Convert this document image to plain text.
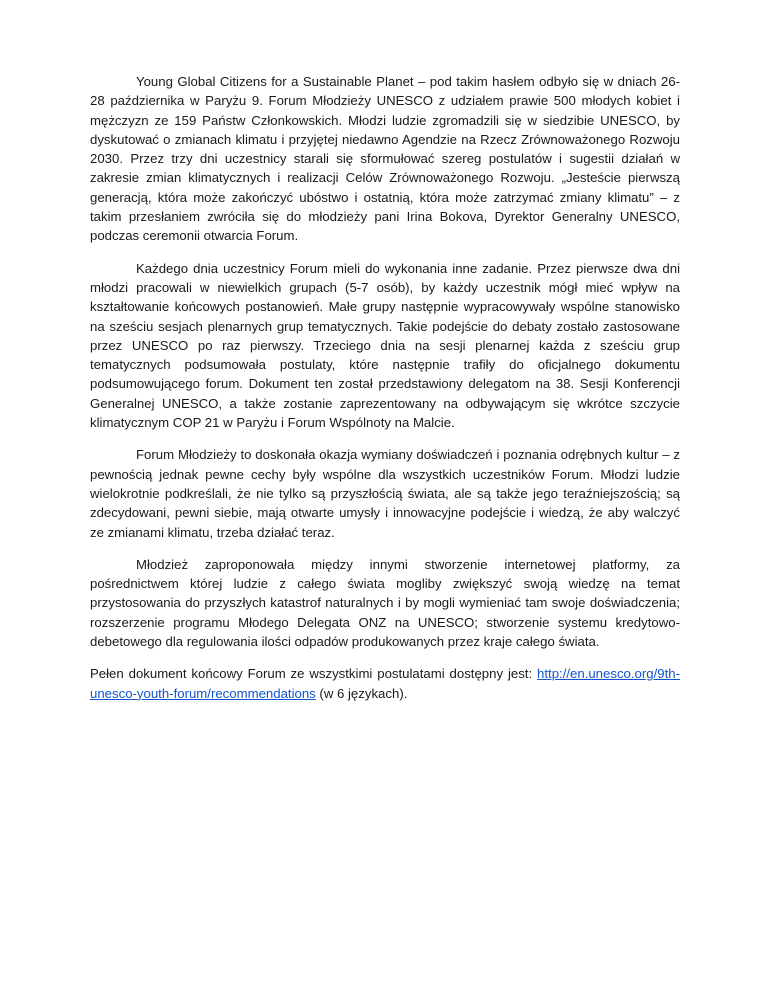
Young Global Citizens for a Sustainable Planet – pod takim hasłem odbyło się w dniach 26-28 października w Paryżu 9. Forum Młodzieży UNESCO z udziałem prawie 500 młodych kobiet i mężczyzn ze 159 Państw Członkowskich. Młodzi ludzie zgromadzili się w siedzibie UNESCO, by dyskutować o zmianach klimatu i przyjętej niedawno Agendzie na Rzecz Zrównoważonego Rozwoju 2030. Przez trzy dni uczestnicy starali się sformułować szereg postulatów i sugestii działań w zakresie zmian klimatycznych i realizacji Celów Zrównoważonego Rozwoju. „Jesteście pierwszą generacją, która może zakończyć ubóstwo i ostatnią, która może zatrzymać zmiany klimatu” – z takim przesłaniem zwróciła się do młodzieży pani Irina Bokova, Dyrektor Generalny UNESCO, podczas ceremonii otwarcia Forum.

Każdego dnia uczestnicy Forum mieli do wykonania inne zadanie. Przez pierwsze dwa dni młodzi pracowali w niewielkich grupach (5-7 osób), by każdy uczestnik mógł mieć wpływ na kształtowanie końcowych postanowień. Małe grupy następnie wypracowywały wspólne stanowisko na sześciu sesjach plenarnych grup tematycznych. Takie podejście do debaty zostało zastosowane przez UNESCO po raz pierwszy. Trzeciego dnia na sesji plenarnej każda z sześciu grup tematycznych podsumowała postulaty, które następnie trafiły do oficjalnego dokumentu podsumowującego forum. Dokument ten został przedstawiony delegatom na 38. Sesji Konferencji Generalnej UNESCO, a także zostanie zaprezentowany na odbywającym się wkrótce szczycie klimatycznym COP 21 w Paryżu i Forum Wspólnoty na Malcie.

Forum Młodzieży to doskonała okazja wymiany doświadczeń i poznania odrębnych kultur – z pewnością jednak pewne cechy były wspólne dla wszystkich uczestników Forum. Młodzi ludzie wielokrotnie podkreślali, że nie tylko są przyszłością świata, ale są także jego teraźniejszością; są zdecydowani, pewni siebie, mają otwarte umysły i innowacyjne podejście i wiedzą, że aby walczyć ze zmianami klimatu, trzeba działać teraz.

Młodzież zaproponowała między innymi stworzenie internetowej platformy, za pośrednictwem której ludzie z całego świata mogliby zwiększyć swoją wiedzę na temat przystosowania do przyszłych katastrof naturalnych i by mogli wymieniać tam swoje doświadczenia; rozszerzenie programu Młodego Delegata ONZ na UNESCO; stworzenie systemu kredytowo-debetowego dla regulowania ilości odpadów produkowanych przez kraje całego świata.

Pełen dokument końcowy Forum ze wszystkimi postulatami dostępny jest: http://en.unesco.org/9th-unesco-youth-forum/recommendations (w 6 językach).
